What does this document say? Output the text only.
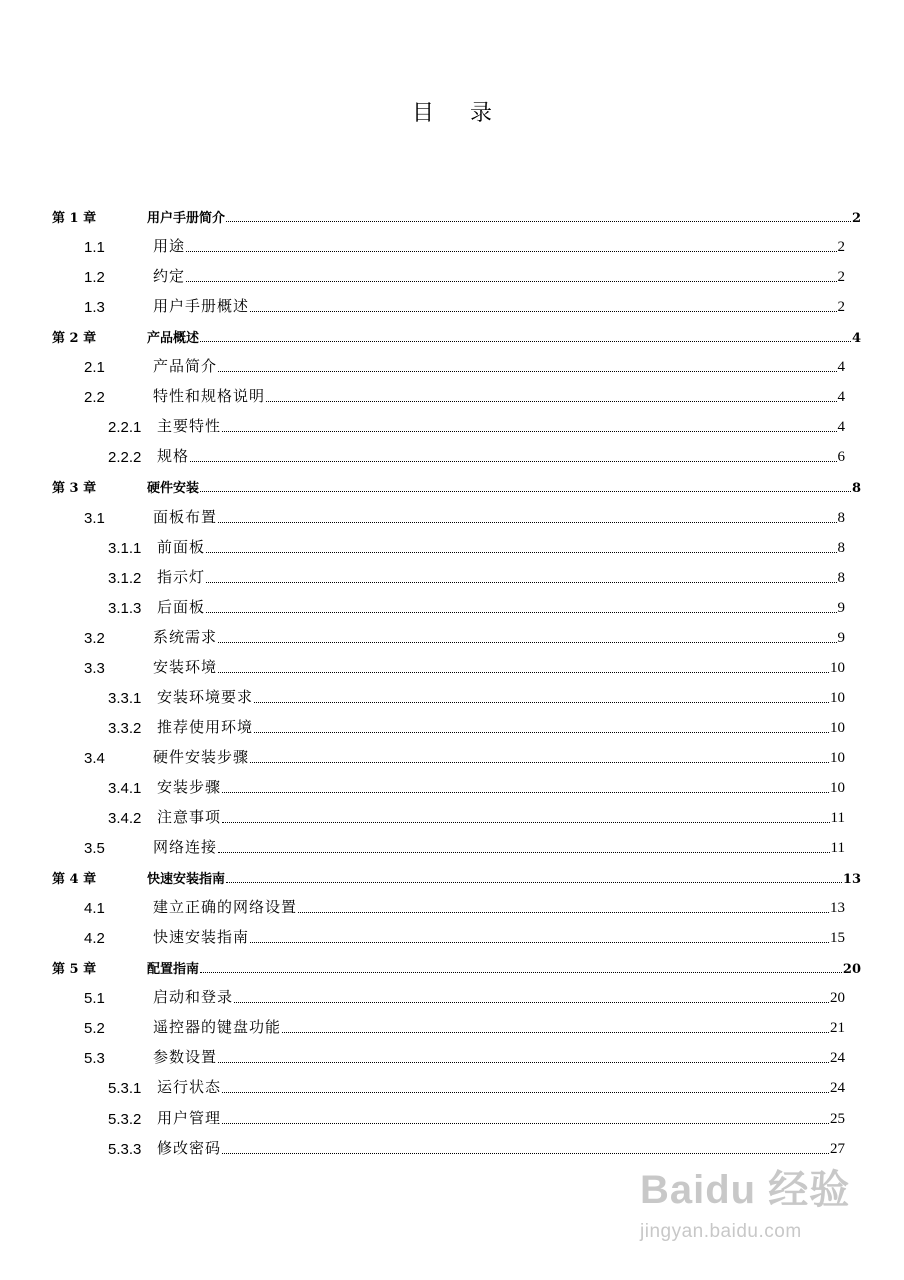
目 录
第 1 章	用户手册简介	2
1.1	用途	2
1.2	约定	2
1.3	用户手册概述	2
第 2 章	产品概述	4
2.1	产品简介	4
2.2	特性和规格说明	4
2.2.1 主要特性	4
2.2.2 规格	6
第 3 章	硬件安装	8
3.1	面板布置	8
3.1.1 前面板	8
3.1.2 指示灯	8
3.1.3 后面板	9
3.2	系统需求	9
3.3	安装环境	10
3.3.1 安装环境要求	10
3.3.2 推荐使用环境	10
3.4	硬件安装步骤	10
3.4.1 安装步骤	10
3.4.2 注意事项	11
3.5	网络连接	11
第 4 章	快速安装指南	13
4.1	建立正确的网络设置	13
4.2	快速安装指南	15
第 5 章	配置指南	20
5.1	启动和登录	20
5.2	遥控器的键盘功能	21
5.3	参数设置	24
5.3.1 运行状态	24
5.3.2 用户管理	25
5.3.3 修改密码	27
Baidu 经验
jingyan.baidu.com
